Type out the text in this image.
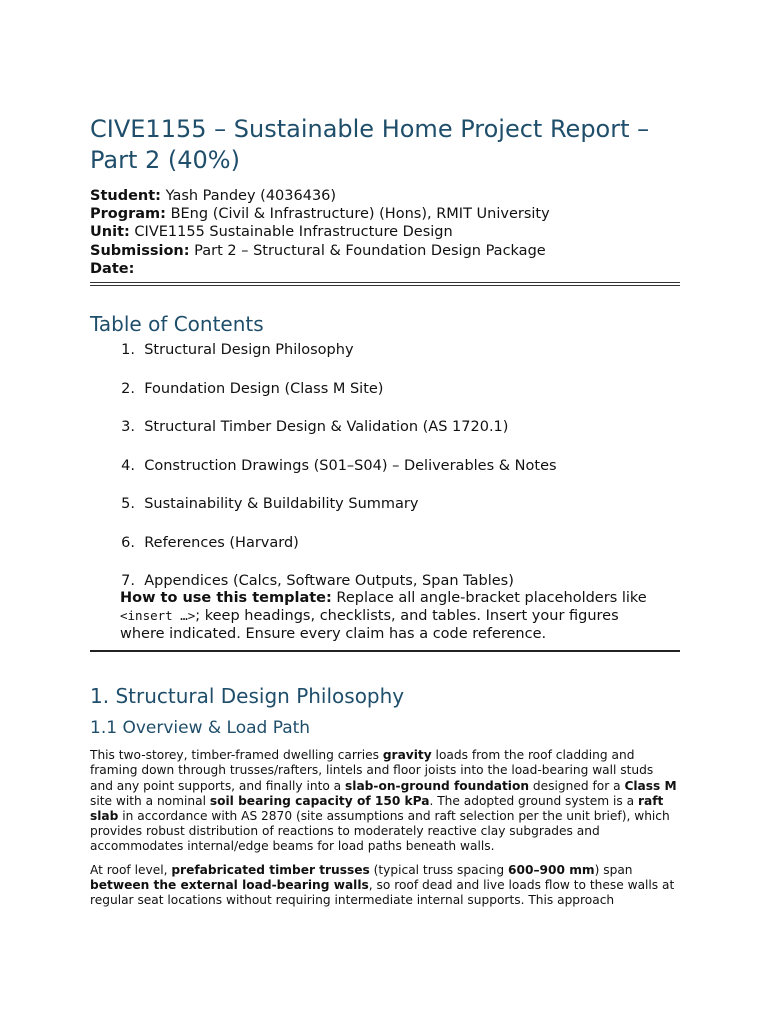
CIVE1155 – Sustainable Home Project Report – Part 2 (40%)
Student: Yash Pandey (4036436)
Program: BEng (Civil & Infrastructure) (Hons), RMIT University
Unit: CIVE1155 Sustainable Infrastructure Design
Submission: Part 2 – Structural & Foundation Design Package
Date:
Table of Contents
1.
Structural Design Philosophy
2.
Foundation Design (Class M Site)
3.
Structural Timber Design & Validation (AS 1720.1)
4.
Construction Drawings (S01–S04) – Deliverables & Notes
5.
Sustainability & Buildability Summary
6.
References (Harvard)
7.
Appendices (Calcs, Software Outputs, Span Tables)
How to use this template: Replace all angle-bracket placeholders like <insert …>; keep headings, checklists, and tables. Insert your figures where indicated. Ensure every claim has a code reference.
1. Structural Design Philosophy
1.1 Overview & Load Path

This two-storey, timber-framed dwelling carries gravity loads from the roof cladding and framing down through trusses/rafters, lintels and floor joists into the load-bearing wall studs and any point supports, and finally into a slab-on-ground foundation designed for a Class M site with a nominal soil bearing capacity of 150 kPa. The adopted ground system is a raft slab in accordance with AS 2870 (site assumptions and raft selection per the unit brief), which provides robust distribution of reactions to moderately reactive clay subgrades and accommodates internal/edge beams for load paths beneath walls.

At roof level, prefabricated timber trusses (typical truss spacing 600–900 mm) span between the external load-bearing walls, so roof dead and live loads flow to these walls at regular seat locations without requiring intermediate internal supports. This approach
